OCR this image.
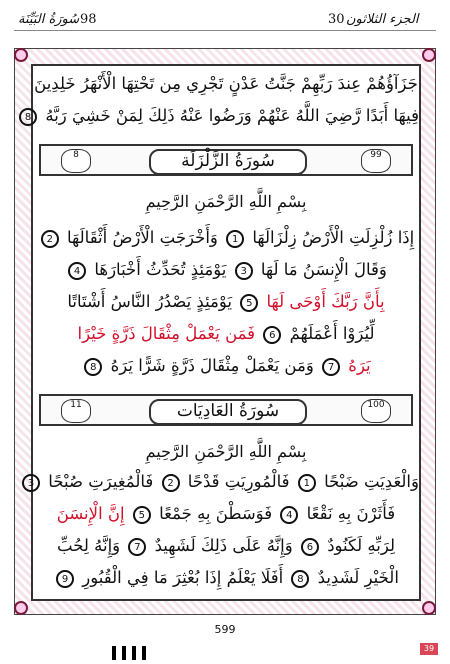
سُورَةُ البَيِّنَة 98	30 الجزء الثلاثون
جَزَآؤُهُمْ عِندَ رَبِّهِمْ جَنَّتُ عَدْنٍ تَجْرِي مِن تَحْتِهَا الْأَنْهَرُ خَلِدِينَ
فِيهَا أَبَدًا رَّضِيَ اللَّهُ عَنْهُمْ وَرَضُوا عَنْهُ ذَلِكَ لِمَنْ خَشِيَ رَبَّهُ 8
99
سُورَةُ الزَّلْزَلَة
8
بِسْمِ اللَّهِ الرَّحْمَنِ الرَّحِيمِ
إِذَا زُلْزِلَتِ الْأَرْضُ زِلْزَالَهَا 1 وَأَخْرَجَتِ الْأَرْضُ أَثْقَالَهَا 2
وَقَالَ الْإِنسَنُ مَا لَهَا 3 يَوْمَئِذٍ تُحَدِّثُ أَخْبَارَهَا 4
بِأَنَّ رَبَّكَ أَوْحَى لَهَا 5 يَوْمَئِذٍ يَصْدُرُ النَّاسُ أَشْتَاتًا
لِّيُرَوْا أَعْمَلَهُمْ 6 فَمَن يَعْمَلْ مِثْقَالَ ذَرَّةٍ خَيْرًا
يَرَهُ 7 وَمَن يَعْمَلْ مِثْقَالَ ذَرَّةٍ شَرًّا يَرَهُ 8
100
سُورَةُ العَادِيَات
11
بِسْمِ اللَّهِ الرَّحْمَنِ الرَّحِيمِ
وَالْعَدِيَتِ ضَبْحًا 1 فَالْمُورِيَتِ قَدْحًا 2 فَالْمُغِيرَتِ صُبْحًا 3
فَأَثَرْنَ بِهِ نَقْعًا 4 فَوَسَطْنَ بِهِ جَمْعًا 5 إِنَّ الْإِنسَنَ
لِرَبِّهِ لَكَنُودٌ 6 وَإِنَّهُ عَلَى ذَلِكَ لَشَهِيدٌ 7 وَإِنَّهُ لِحُبِّ
الْخَيْرِ لَشَدِيدٌ 8 أَفَلَا يَعْلَمُ إِذَا بُعْثِرَ مَا فِي الْقُبُورِ 9
599
39
